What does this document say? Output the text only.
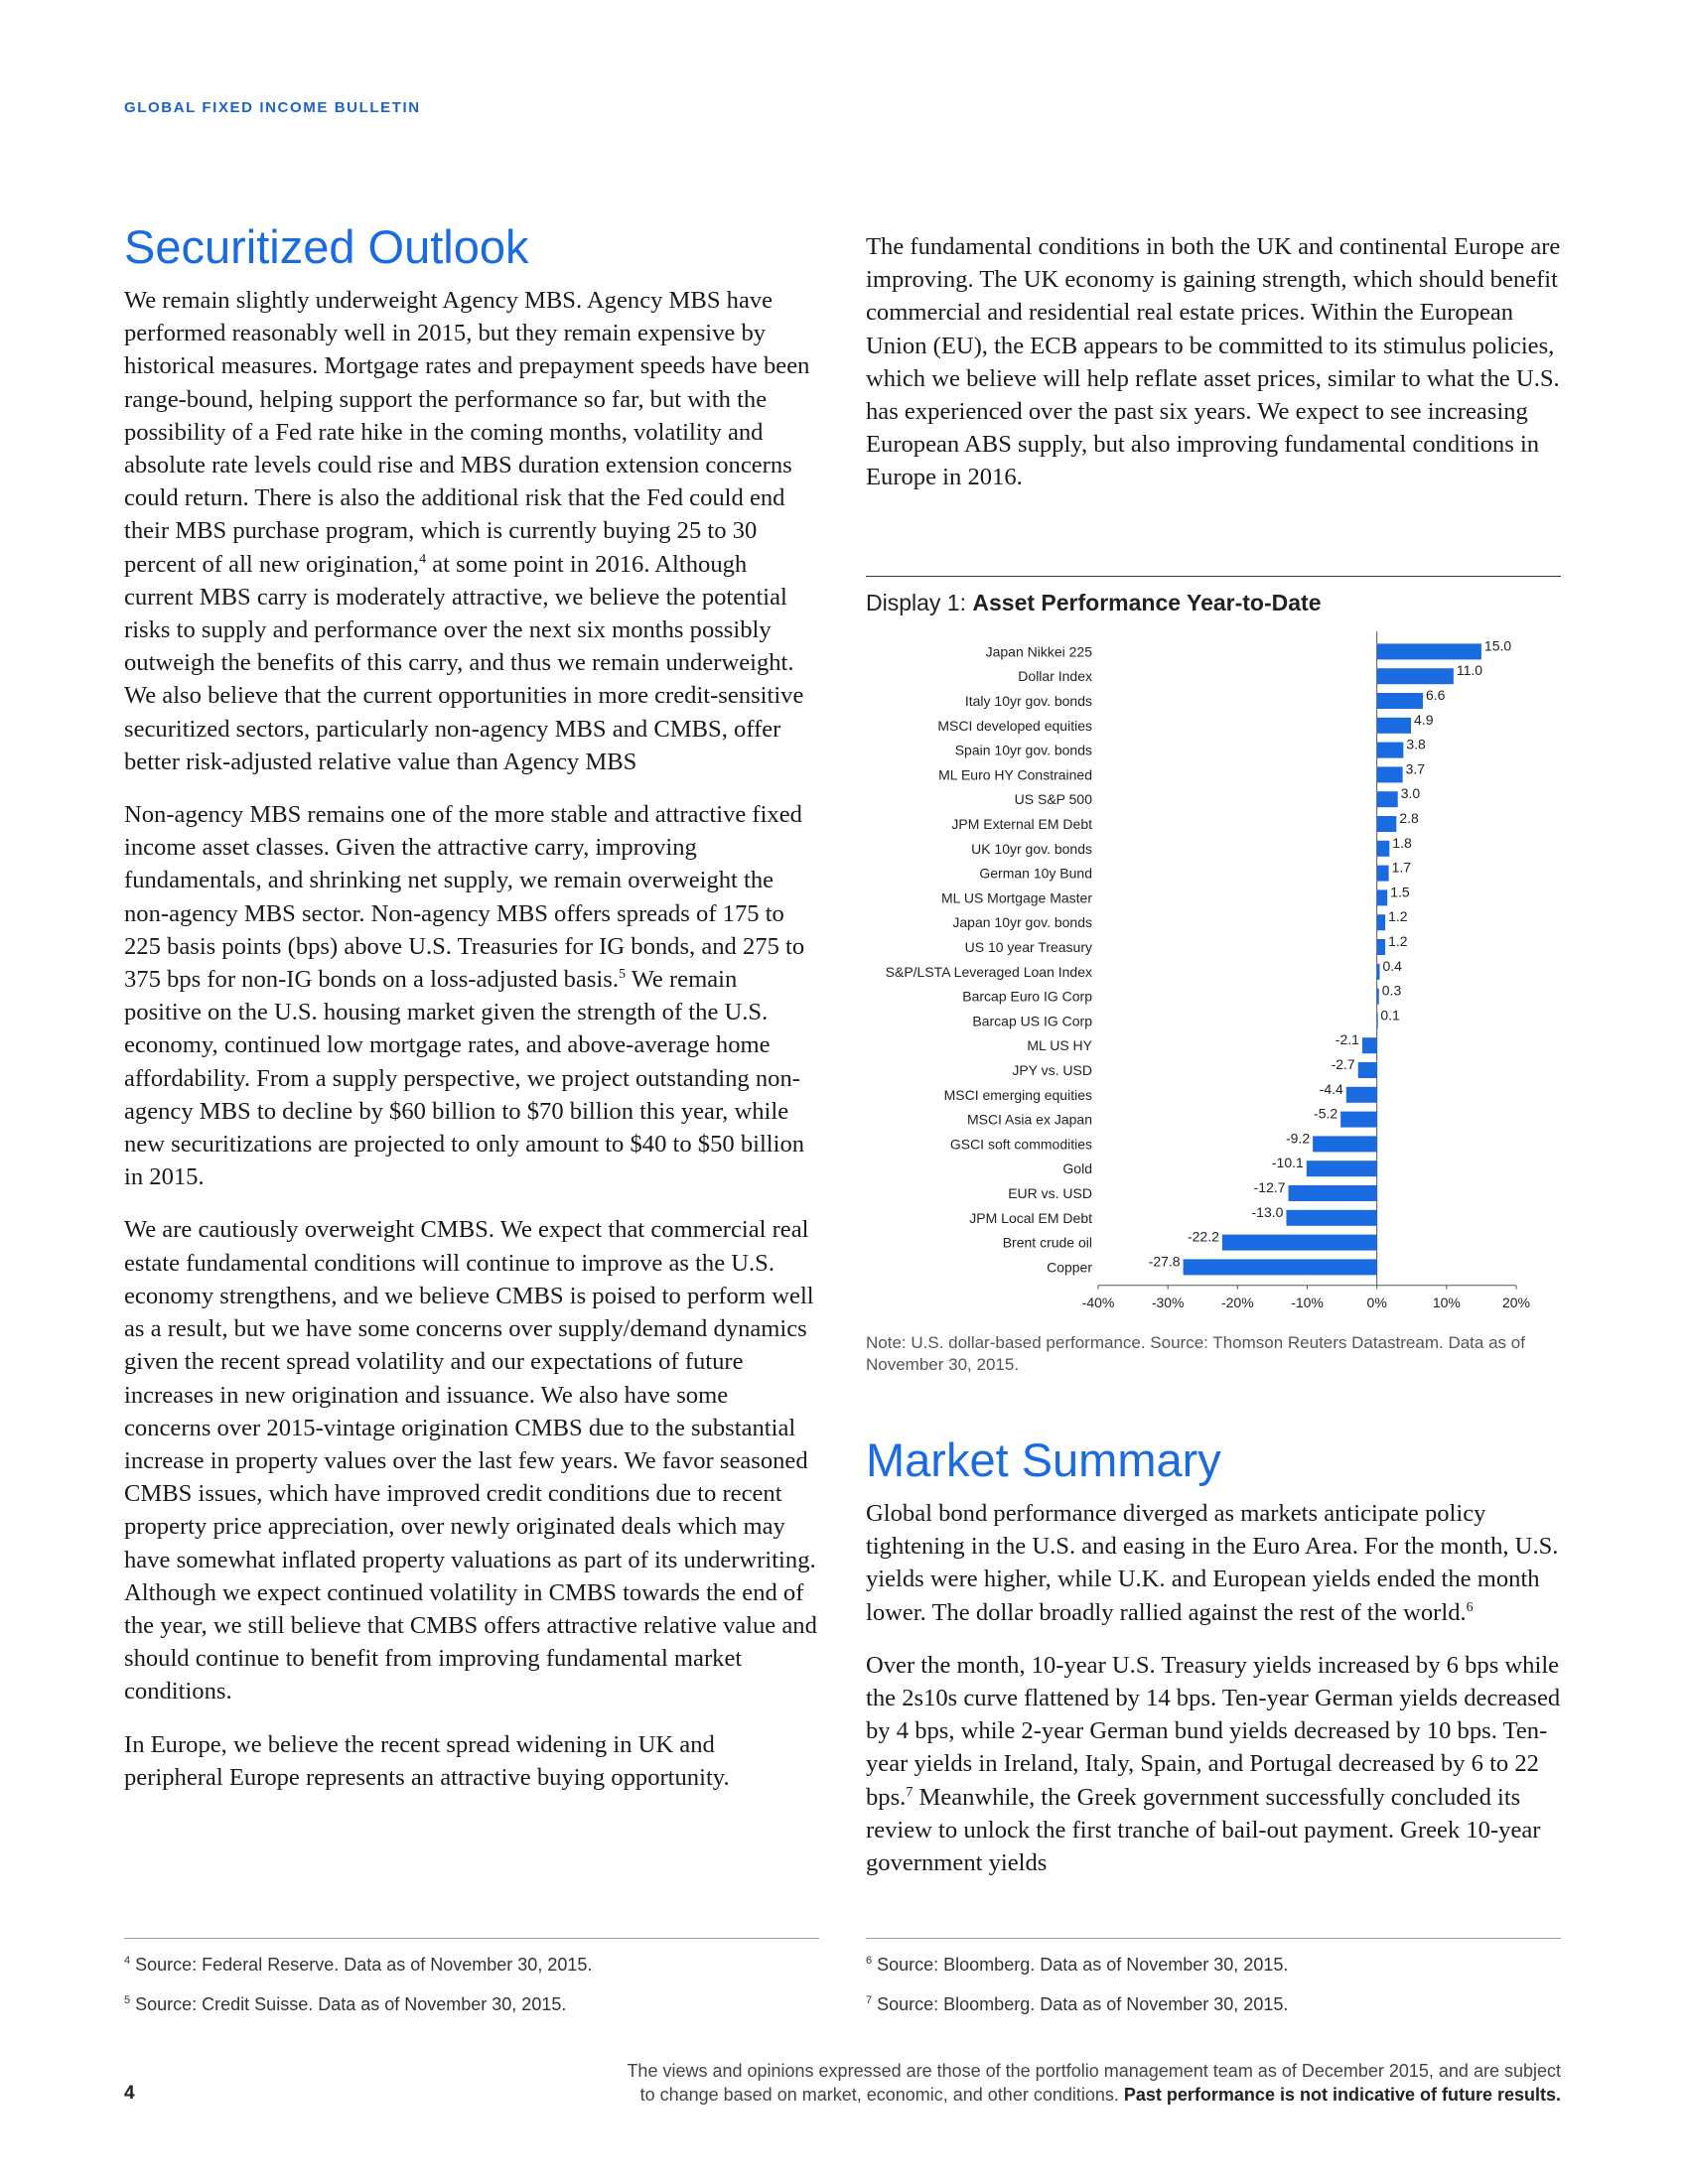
GLOBAL FIXED INCOME BULLETIN
Securitized Outlook

We remain slightly underweight Agency MBS. Agency MBS have performed reasonably well in 2015, but they remain expensive by historical measures. Mortgage rates and prepayment speeds have been range-bound, helping support the performance so far, but with the possibility of a Fed rate hike in the coming months, volatility and absolute rate levels could rise and MBS duration extension concerns could return. There is also the additional risk that the Fed could end their MBS purchase program, which is currently buying 25 to 30 percent of all new origination,$^4$ at some point in 2016. Although current MBS carry is moderately attractive, we believe the potential risks to supply and performance over the next six months possibly outweigh the benefits of this carry, and thus we remain underweight. We also believe that the current opportunities in more credit-sensitive securitized sectors, particularly non-agency MBS and CMBS, offer better risk-adjusted relative value than Agency MBS

Non-agency MBS remains one of the more stable and attractive fixed income asset classes. Given the attractive carry, improving fundamentals, and shrinking net supply, we remain overweight the non-agency MBS sector. Non-agency MBS offers spreads of 175 to 225 basis points (bps) above U.S. Treasuries for IG bonds, and 275 to 375 bps for non-IG bonds on a loss-adjusted basis.$^5$ We remain positive on the U.S. housing market given the strength of the U.S. economy, continued low mortgage rates, and above-average home affordability. From a supply perspective, we project outstanding non-agency MBS to decline by $60 billion to $70 billion this year, while new securitizations are projected to only amount to $40 to $50 billion in 2015.

We are cautiously overweight CMBS. We expect that commercial real estate fundamental conditions will continue to improve as the U.S. economy strengthens, and we believe CMBS is poised to perform well as a result, but we have some concerns over supply/demand dynamics given the recent spread volatility and our expectations of future increases in new origination and issuance. We also have some concerns over 2015-vintage origination CMBS due to the substantial increase in property values over the last few years. We favor seasoned CMBS issues, which have improved credit conditions due to recent property price appreciation, over newly originated deals which may have somewhat inflated property valuations as part of its underwriting. Although we expect continued volatility in CMBS towards the end of the year, we still believe that CMBS offers attractive relative value and should continue to benefit from improving fundamental market conditions.

In Europe, we believe the recent spread widening in UK and peripheral Europe represents an attractive buying opportunity.

The fundamental conditions in both the UK and continental Europe are improving. The UK economy is gaining strength, which should benefit commercial and residential real estate prices. Within the European Union (EU), the ECB appears to be committed to its stimulus policies, which we believe will help reflate asset prices, similar to what the U.S. has experienced over the past six years. We expect to see increasing European ABS supply, but also improving fundamental conditions in Europe in 2016.

Display 1: Asset Performance Year-to-Date
Japan Nikkei 225	15.0
Dollar Index	11.0
Italy 10yr gov. bonds	6.6
MSCI developed equities	4.9
Spain 10yr gov. bonds	3.8
ML Euro HY Constrained	3.7
US S&P 500	3.0
JPM External EM Debt	2.8
UK 10yr gov. bonds	1.8
German 10y Bund	1.7
ML US Mortgage Master	1.5
Japan 10yr gov. bonds	1.2
US 10 year Treasury	1.2
S&P/LSTA Leveraged Loan Index	0.4
Barcap Euro IG Corp	0.3
Barcap US IG Corp	0.1
ML US HY	-2.1
JPY vs. USD	-2.7
MSCI emerging equities	-4.4
MSCI Asia ex Japan	-5.2
GSCI soft commodities	-9.2
Gold	-10.1
EUR vs. USD	-12.7
JPM Local EM Debt	-13.0
Brent crude oil	-22.2
Copper	-27.8
-40%	-30%	-20%	-10%	0%	10%	20%
Note: U.S. dollar-based performance. Source: Thomson Reuters Datastream. Data as of November 30, 2015.
Market Summary

Global bond performance diverged as markets anticipate policy tightening in the U.S. and easing in the Euro Area. For the month, U.S. yields were higher, while U.K. and European yields ended the month lower. The dollar broadly rallied against the rest of the world.$^6$

Over the month, 10-year U.S. Treasury yields increased by 6 bps while the 2s10s curve flattened by 14 bps. Ten-year German yields decreased by 4 bps, while 2-year German bund yields decreased by 10 bps. Ten-year yields in Ireland, Italy, Spain, and Portugal decreased by 6 to 22 bps.$^7$ Meanwhile, the Greek government successfully concluded its review to unlock the first tranche of bail-out payment. Greek 10-year government yields

$^4$ Source: Federal Reserve. Data as of November 30, 2015.
$^5$ Source: Credit Suisse. Data as of November 30, 2015.
$^6$ Source: Bloomberg. Data as of November 30, 2015.
$^7$ Source: Bloomberg. Data as of November 30, 2015.
The views and opinions expressed are those of the portfolio management team as of December 2015, and are subject
to change based on market, economic, and other conditions. Past performance is not indicative of future results.
4
